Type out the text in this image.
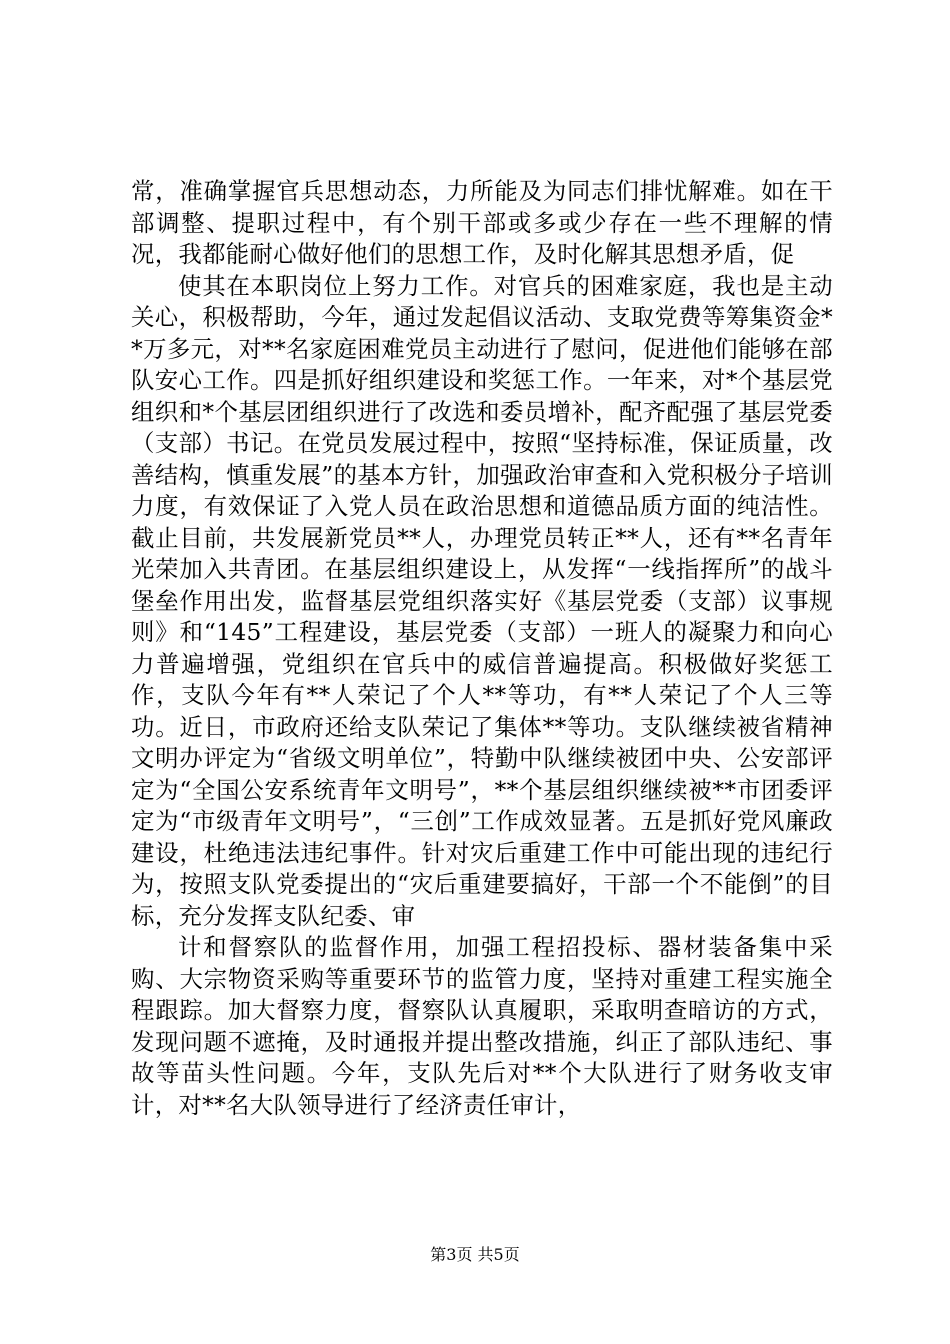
常，准确掌握官兵思想动态，力所能及为同志们排忧解难。如在干部调整、提职过程中，有个别干部或多或少存在一些不理解的情况，我都能耐心做好他们的思想工作，及时化解其思想矛盾，促

使其在本职岗位上努力工作。对官兵的困难家庭，我也是主动关心，积极帮助，今年，通过发起倡议活动、支取党费等筹集资金**万多元，对**名家庭困难党员主动进行了慰问，促进他们能够在部队安心工作。四是抓好组织建设和奖惩工作。一年来，对*个基层党组织和*个基层团组织进行了改选和委员增补，配齐配强了基层党委（支部）书记。在党员发展过程中，按照“坚持标准，保证质量，改善结构，慎重发展”的基本方针，加强政治审查和入党积极分子培训力度，有效保证了入党人员在政治思想和道德品质方面的纯洁性。截止目前，共发展新党员**人，办理党员转正**人，还有**名青年光荣加入共青团。在基层组织建设上，从发挥“一线指挥所”的战斗堡垒作用出发，监督基层党组织落实好《基层党委（支部）议事规则》和“145”工程建设，基层党委（支部）一班人的凝聚力和向心力普遍增强，党组织在官兵中的威信普遍提高。积极做好奖惩工作，支队今年有**人荣记了个人**等功，有**人荣记了个人三等功。近日，市政府还给支队荣记了集体**等功。支队继续被省精神文明办评定为“省级文明单位”，特勤中队继续被团中央、公安部评定为“全国公安系统青年文明号”，**个基层组织继续被**市团委评定为“市级青年文明号”，“三创”工作成效显著。五是抓好党风廉政建设，杜绝违法违纪事件。针对灾后重建工作中可能出现的违纪行为，按照支队党委提出的“灾后重建要搞好，干部一个不能倒”的目标，充分发挥支队纪委、审

计和督察队的监督作用，加强工程招投标、器材装备集中采购、大宗物资采购等重要环节的监管力度，坚持对重建工程实施全程跟踪。加大督察力度，督察队认真履职，采取明查暗访的方式，发现问题不遮掩，及时通报并提出整改措施，纠正了部队违纪、事故等苗头性问题。今年，支队先后对**个大队进行了财务收支审计，对**名大队领导进行了经济责任审计，

第3页 共5页
